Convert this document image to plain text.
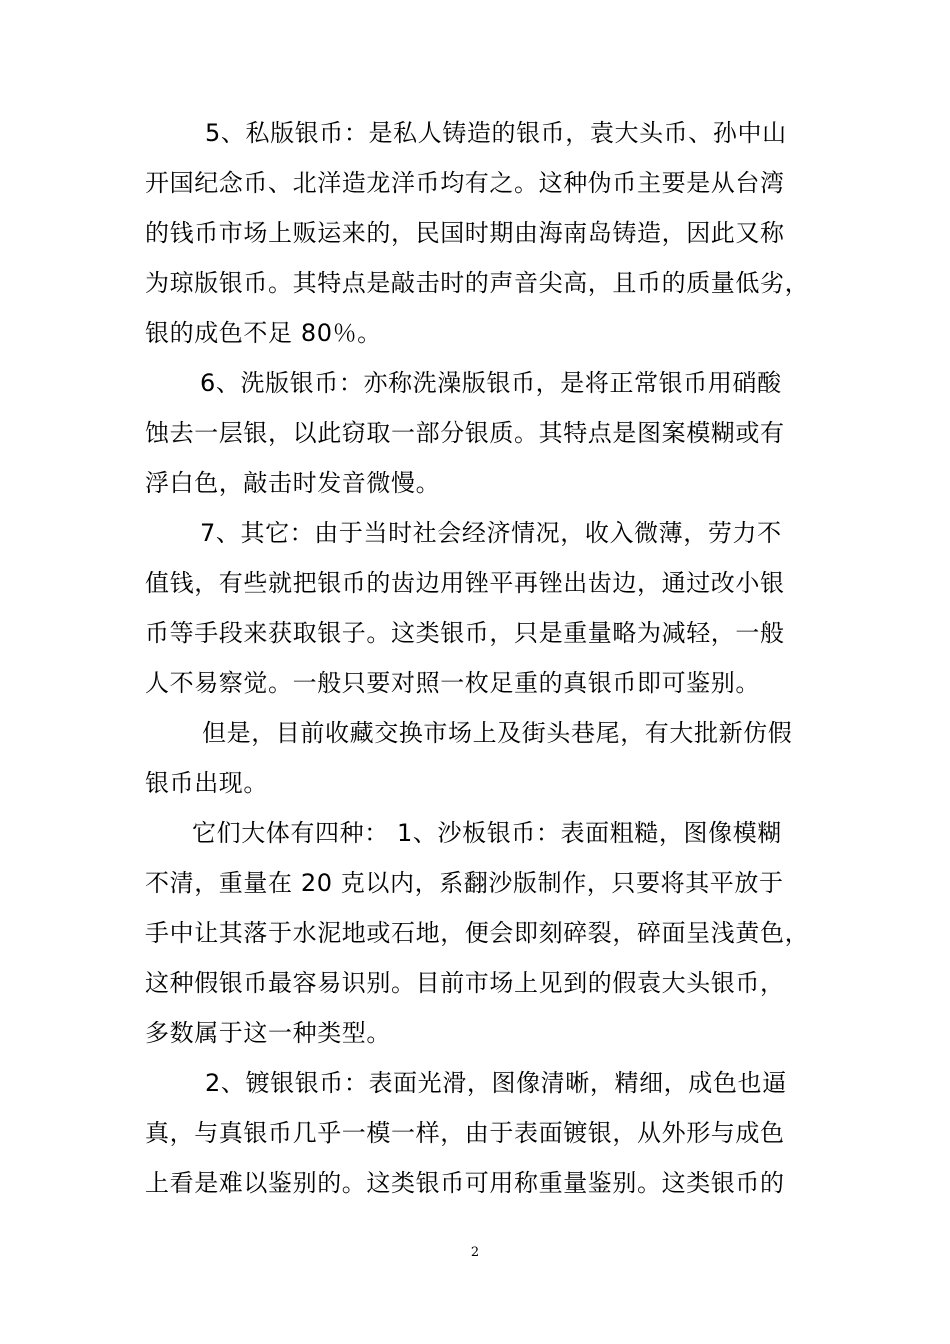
5、私版银币：是私人铸造的银币，袁大头币、孙中山
开国纪念币、北洋造龙洋币均有之。这种伪币主要是从台湾
的钱币市场上贩运来的，民国时期由海南岛铸造，因此又称
为琼版银币。其特点是敲击时的声音尖高，且币的质量低劣，
银的成色不足 80％。
6、洗版银币：亦称洗澡版银币，是将正常银币用硝酸
蚀去一层银，以此窃取一部分银质。其特点是图案模糊或有
浮白色，敲击时发音微慢。
7、其它：由于当时社会经济情况，收入微薄，劳力不
值钱，有些就把银币的齿边用锉平再锉出齿边，通过改小银
币等手段来获取银子。这类银币，只是重量略为减轻，一般
人不易察觉。一般只要对照一枚足重的真银币即可鉴别。
但是，目前收藏交换市场上及街头巷尾，有大批新仿假
银币出现。
它们大体有四种： 1、沙板银币：表面粗糙，图像模糊
不清，重量在 20 克以内，系翻沙版制作，只要将其平放于
手中让其落于水泥地或石地，便会即刻碎裂，碎面呈浅黄色，
这种假银币最容易识别。目前市场上见到的假袁大头银币，
多数属于这一种类型。
2、镀银银币：表面光滑，图像清晰，精细，成色也逼
真，与真银币几乎一模一样，由于表面镀银，从外形与成色
上看是难以鉴别的。这类银币可用称重量鉴别。这类银币的
2
